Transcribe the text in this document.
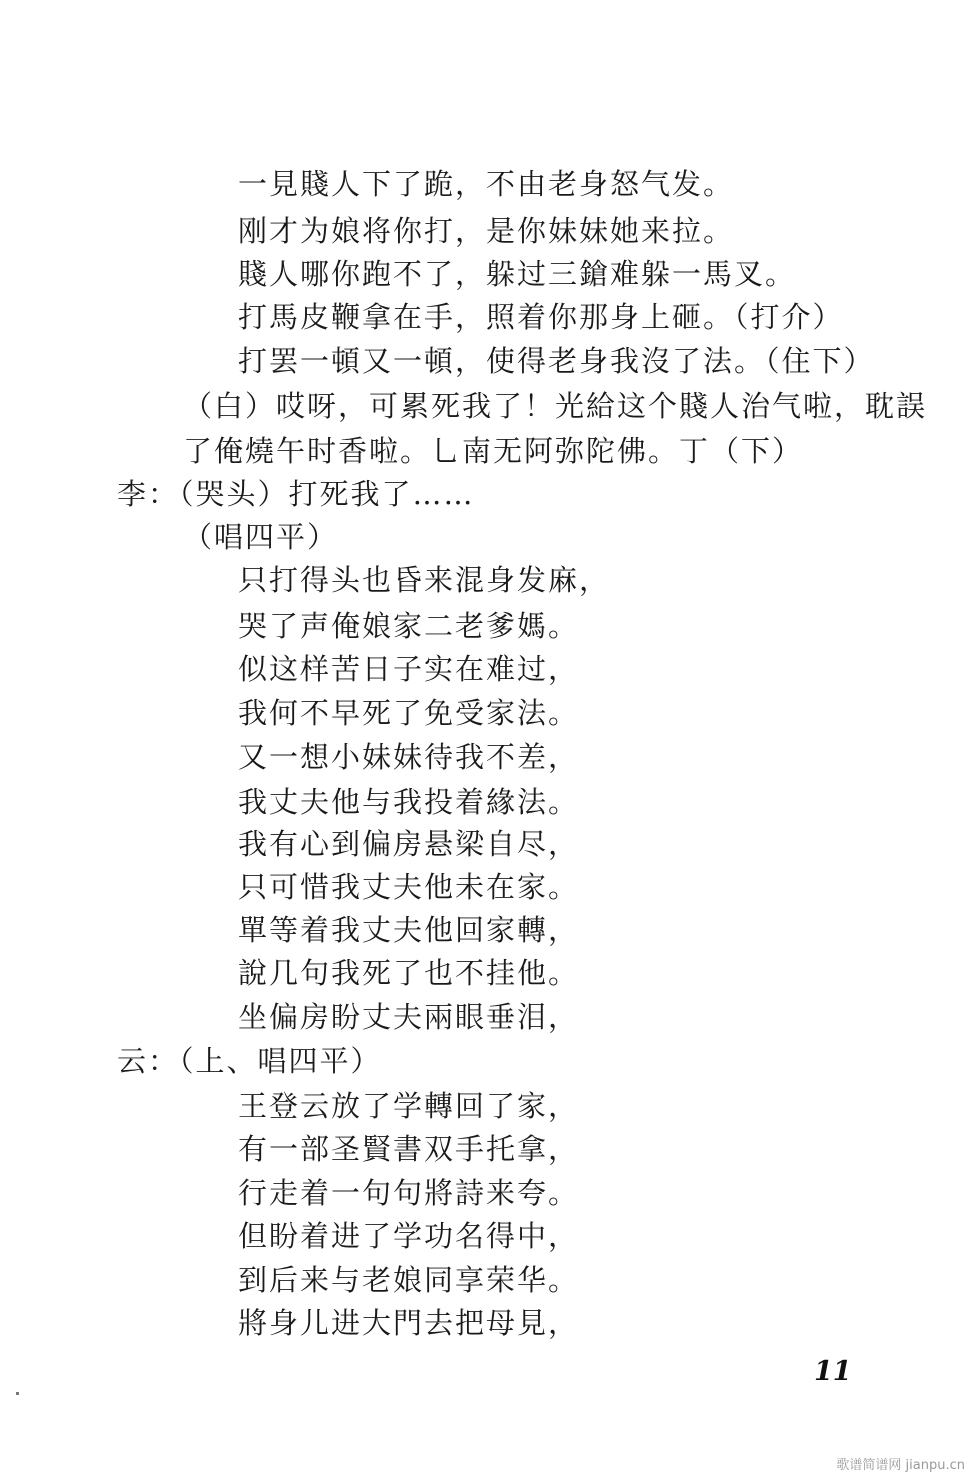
一見賤人下了跪，不由老身怒气发。
刚才为娘将你打，是你妹妹她来拉。
賤人哪你跑不了，躲过三鎗难躲一馬叉。
打馬皮鞭拿在手，照着你那身上砸。（打介）
打罢一頓又一頓，使得老身我沒了法。（住下）
（白）哎呀，可累死我了！光給这个賤人治气啦，耽誤
了俺燒午时香啦。乚南无阿弥陀佛。丁（下）
李：（哭头）打死我了……
（唱四平）
只打得头也昏来混身发麻，
哭了声俺娘家二老爹媽。
似这样苦日子实在难过，
我何不早死了免受家法。
又一想小妹妹待我不差，
我丈夫他与我投着緣法。
我有心到偏房悬梁自尽，
只可惜我丈夫他未在家。
單等着我丈夫他回家轉，
說几句我死了也不挂他。
坐偏房盼丈夫兩眼垂泪，
云：（上、唱四平）
王登云放了学轉回了家，
有一部圣賢書双手托拿，
行走着一句句將詩来夸。
但盼着进了学功名得中，
到后来与老娘同享荣华。
將身儿进大門去把母見，
11
歌谱简谱网 jianpu.cn
